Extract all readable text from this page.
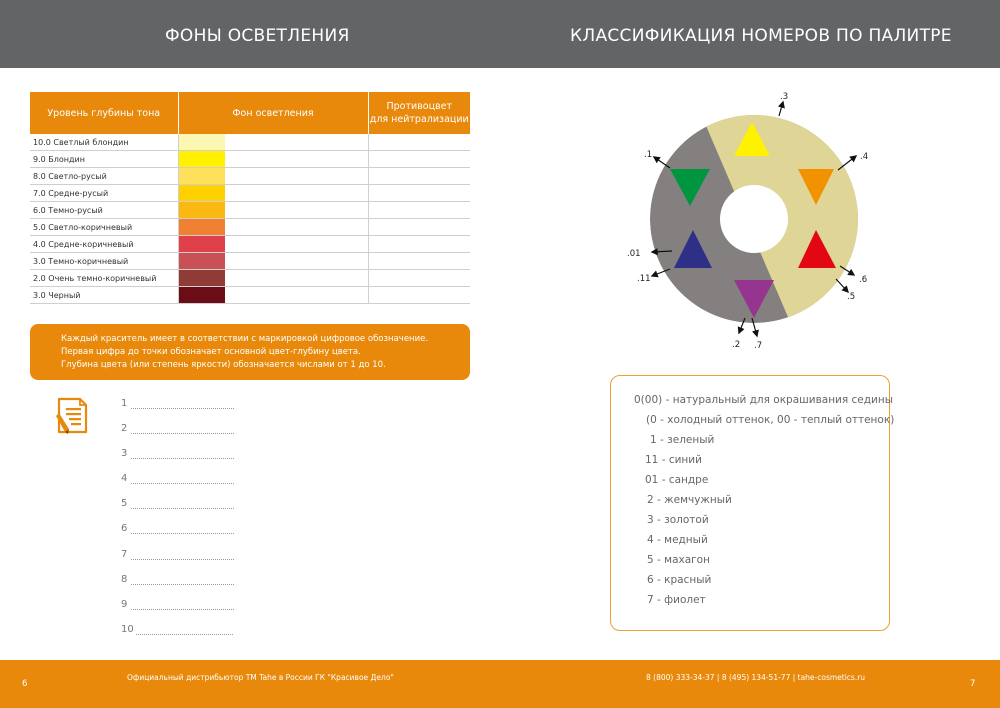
ФОНЫ ОСВЕТЛЕНИЯ	КЛАССИФИКАЦИЯ НОМЕРОВ ПО ПАЛИТРЕ
Уровень глубины тона	Фон осветления	Противоцвет
для нейтрализации
10.0 Светлый блондин	

9.0 Блондин	

8.0 Светло-русый	

7.0 Средне-русый	

6.0 Темно-русый	

5.0 Светло-коричневый	

4.0 Средне-коричневый	

3.0 Темно-коричневый	

2.0 Очень темно-коричневый	

3.0 Черный	

Каждый краситель имеет в соответствии с маркировкой цифровое обозначение.
Первая цифра до точки обозначает основной цвет-глубину цвета.
Глубина цвета (или степень яркости) обозначается числами от 1 до 10.
1
2
3
4
5
6
7
8
9
10
.3
.4
.6
.5
.7
.2
.11
.01
.1
0(00) - натуральный для окрашивания седины
(0 - холодный оттенок, 00 - теплый оттенок)
1 - зеленый
11 - синий
01 - сандре
2 - жемчужный
3 - золотой
4 - медный
5 - махагон
6 - красный
7 - фиолет
6
Официальный дистрибьютор ТМ Tahe в России ГК "Красивое Дело"	8 (800) 333-34-37 | 8 (495) 134-51-77 | tahe-cosmetics.ru
7
